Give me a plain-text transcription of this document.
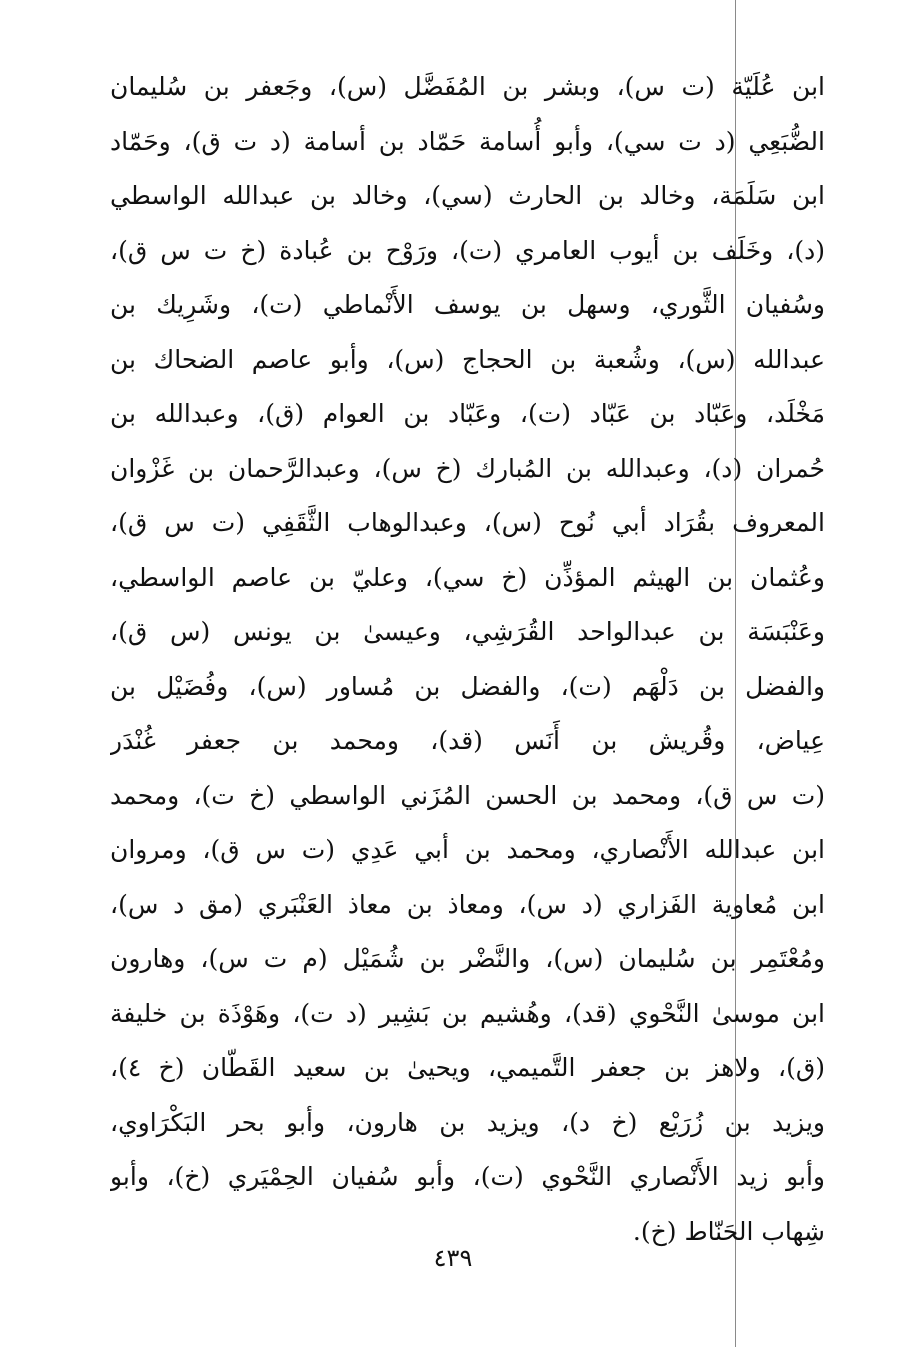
ابن عُلَيّة (ت س)، وبشر بن المُفَضَّل (س)، وجَعفر بن سُليمان
الضُّبَعِي (د ت سي)، وأبو أُسامة حَمّاد بن أسامة (د ت ق)، وحَمّاد
ابن سَلَمَة، وخالد بن الحارث (سي)، وخالد بن عبدالله الواسطي
(د)، وخَلَف بن أيوب العامري (ت)، ورَوْح بن عُبادة (خ ت س ق)،
وسُفيان الثَّوري، وسهل بن يوسف الأَنْماطي (ت)، وشَرِيك بن
عبدالله (س)، وشُعبة بن الحجاج (س)، وأبو عاصم الضحاك بن
مَخْلَد، وعَبّاد بن عَبّاد (ت)، وعَبّاد بن العوام (ق)، وعبدالله بن
حُمران (د)، وعبدالله بن المُبارك (خ س)، وعبدالرَّحمان بن غَزْوان
المعروف بقُرَاد أبي نُوح (س)، وعبدالوهاب الثَّقَفِي (ت س ق)،
وعُثمان بن الهيثم المؤذِّن (خ سي)، وعليّ بن عاصم الواسطي،
وعَنْبَسَة بن عبدالواحد القُرَشِي، وعيسىٰ بن يونس (س ق)،
والفضل بن دَلْهَم (ت)، والفضل بن مُساور (س)، وفُضَيْل بن
عِياض، وقُريش بن أَنَس (قد)، ومحمد بن جعفر غُنْدَر
(ت س ق)، ومحمد بن الحسن المُزَني الواسطي (خ ت)، ومحمد
ابن عبدالله الأَنْصاري، ومحمد بن أبي عَدِي (ت س ق)، ومروان
ابن مُعاوية الفَزاري (د س)، ومعاذ بن معاذ العَنْبَري (مق د س)،
ومُعْتَمِر بن سُليمان (س)، والنَّضْر بن شُمَيْل (م ت س)، وهارون
ابن موسىٰ النَّحْوي (قد)، وهُشيم بن بَشِير (د ت)، وهَوْذَة بن خليفة
(ق)، ولاهز بن جعفر التَّميمي، ويحيىٰ بن سعيد القَطّان (خ ٤)،
ويزيد بن زُرَيْع (خ د)، ويزيد بن هارون، وأبو بحر البَكْرَاوي،
وأبو زيد الأَنْصاري النَّحْوي (ت)، وأبو سُفيان الحِمْيَري (خ)، وأبو
شِهاب الحَنّاط (خ).
٤٣٩
